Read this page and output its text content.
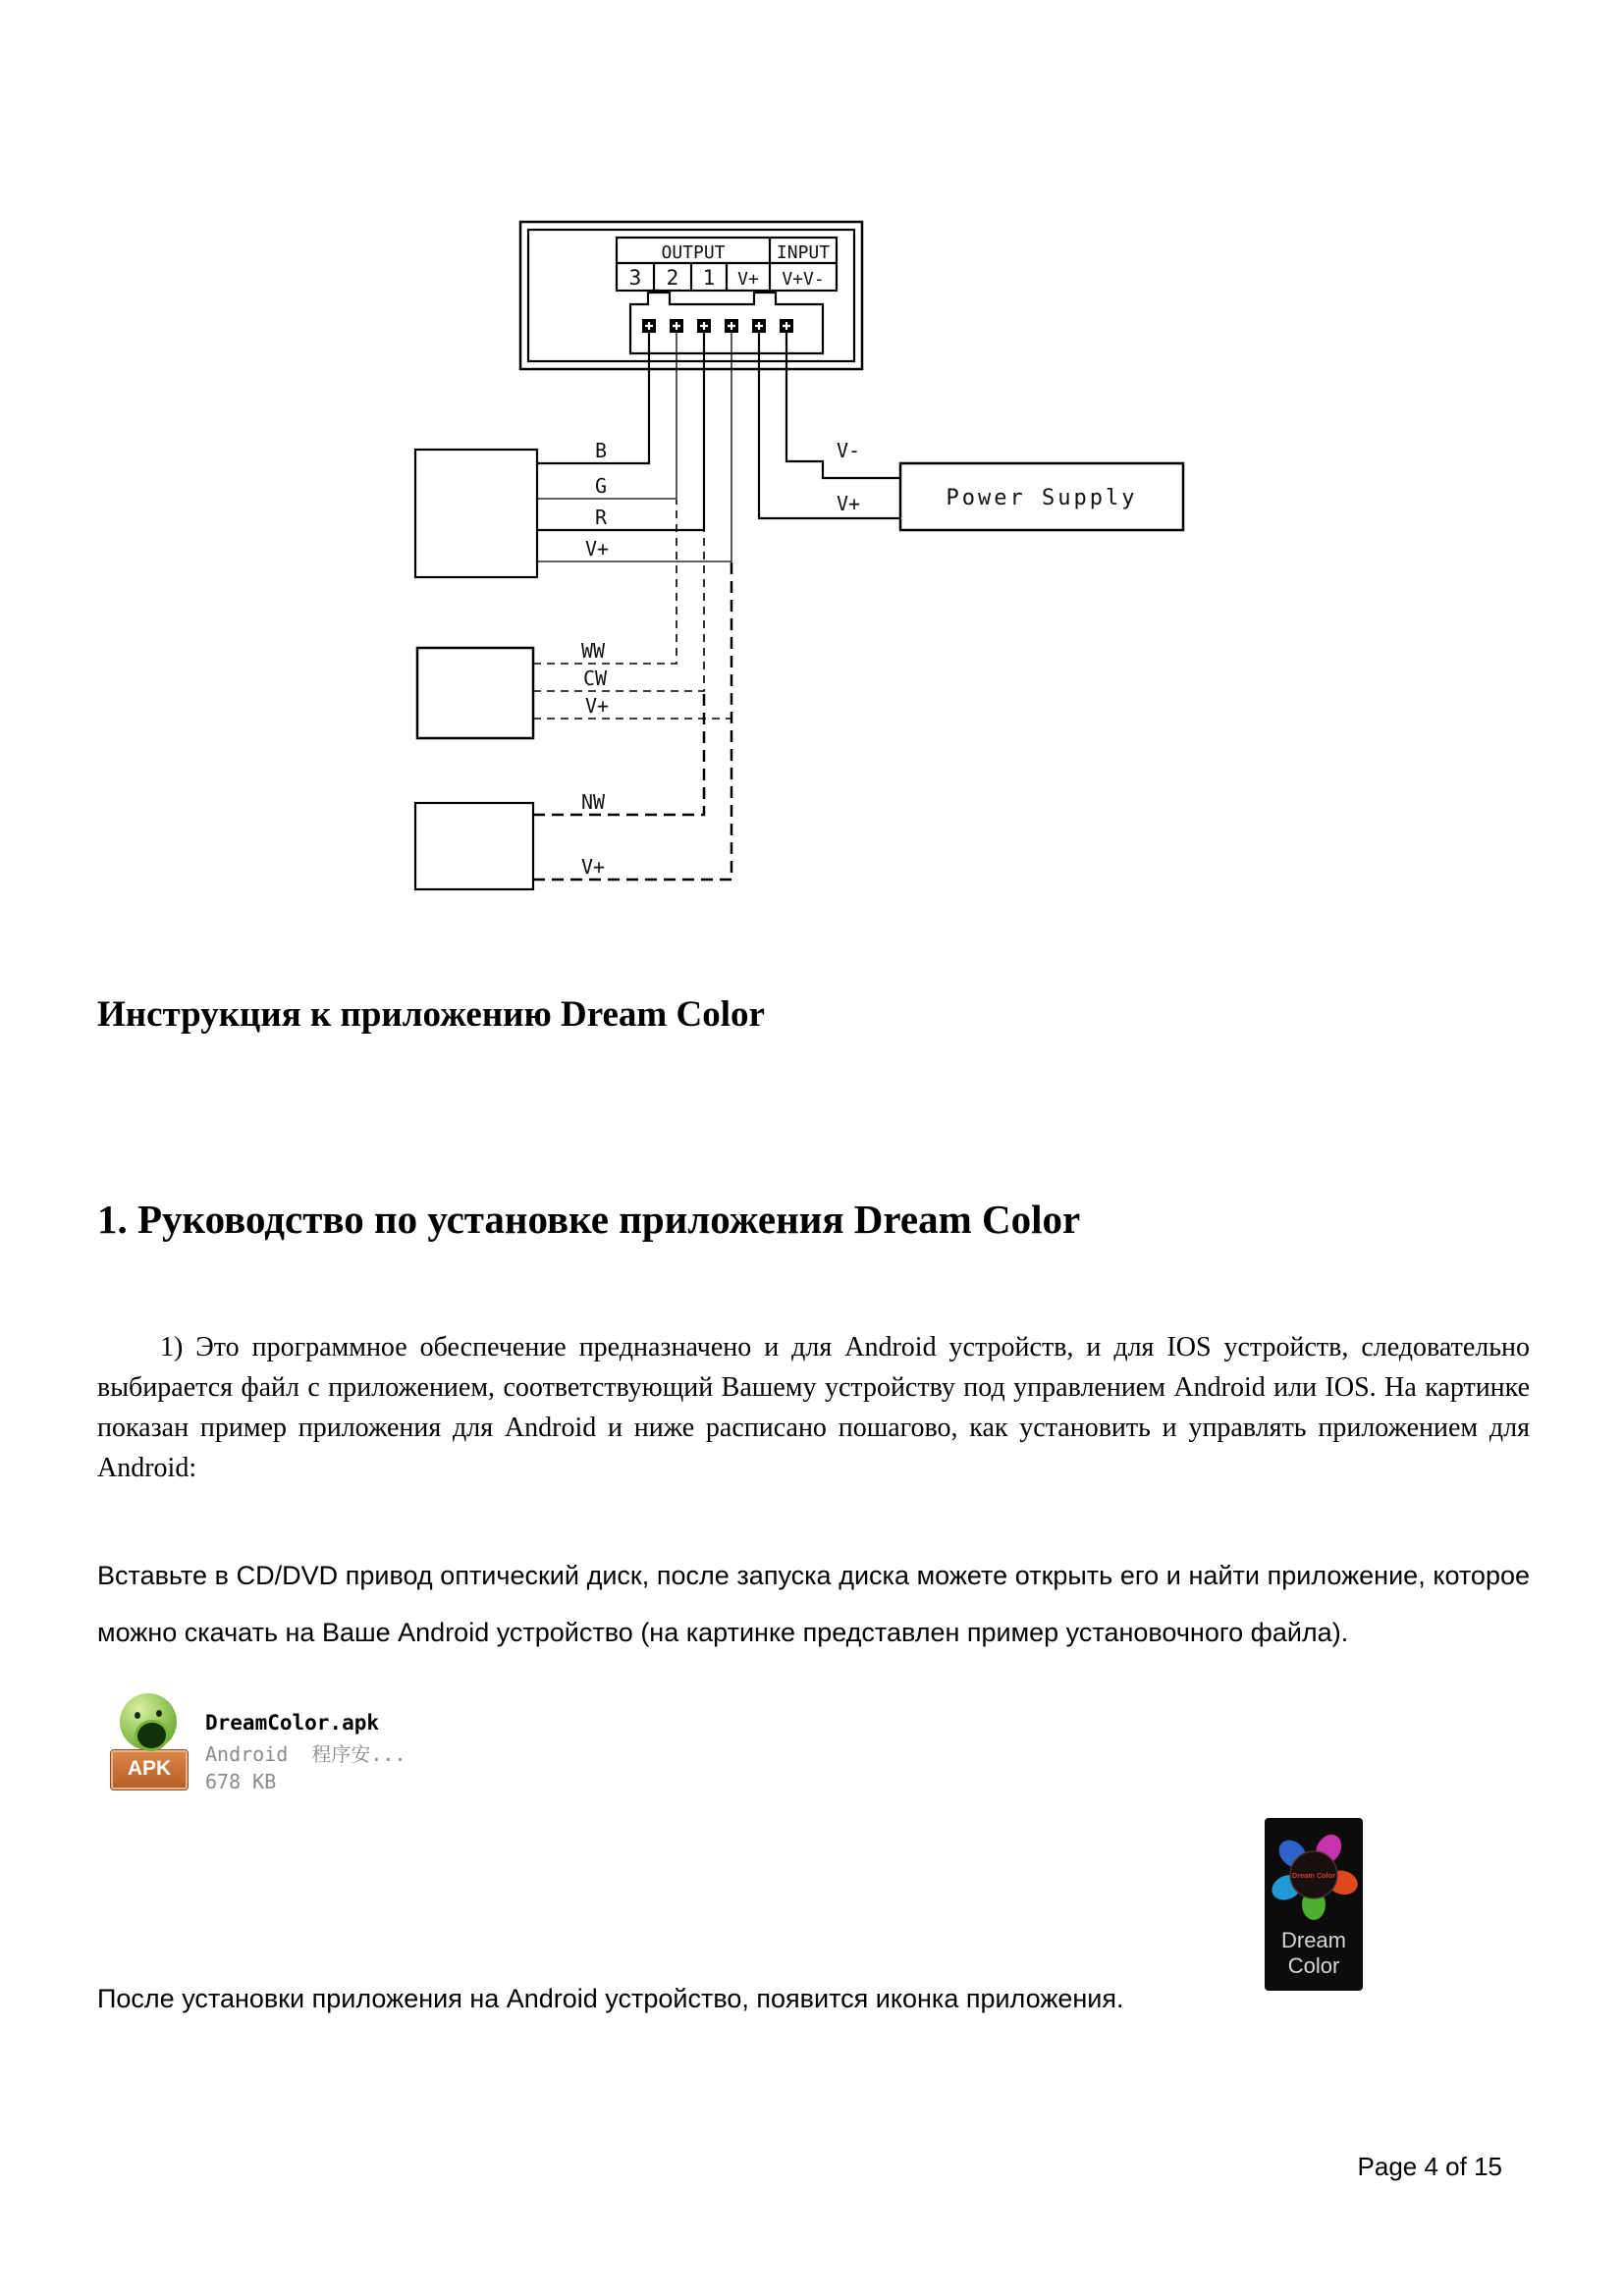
OUTPUT	INPUT
3 2 1 V+ V+V-
Power Supply
B
G
R
V+
WW
CW
V+
NW
V+
V-
V+
Инструкция к приложению Dream Color
1. Руководство по установке приложения Dream Color
1) Это программное обеспечение предназначено и для Android устройств, и для IOS устройств, следовательно выбирается файл с приложением, соответствующий Вашему устройству под управлением Android или IOS. На картинке показан пример приложения для Android и ниже расписано пошагово, как установить и управлять приложением для Android:
Вставьте в CD/DVD привод оптический диск, после запуска диска можете открыть его и найти приложение, которое можно скачать на Ваше Android устройство (на картинке представлен пример установочного файла).
APK
DreamColor.apk
Android  程序安...
678 KB
Dream Color
Dream
Color
После установки приложения на Android устройство, появится иконка приложения.
Page 4 of 15
